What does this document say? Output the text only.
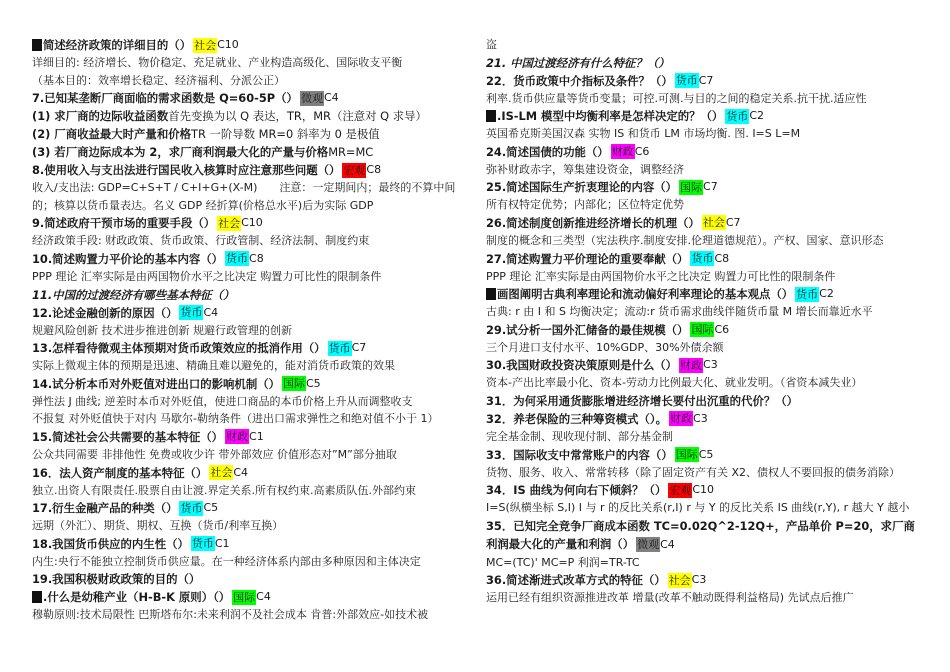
简述经济政策的详细目的（） 社会 C10
详细目的: 经济增长、物价稳定、充足就业、产业构造高级化、国际收支平衡
（基本目的：效率增长稳定、经济福利、分派公正）
7.已知某垄断厂商面临的需求函数是 Q=60-5P（） 微观 C4
(1) 求厂商的边际收益函数 首先变换为以 Q 表达，TR，MR（注意对 Q 求导）
(2) 厂商收益最大时产量和价格 TR 一阶导数 MR=0 斜率为 0 是极值
(3) 若厂商边际成本为 2，求厂商利润最大化的产量与价格 MR=MC
8.使用收入与支出法进行国民收入核算时应注意那些问题（） 宏观 C8
收入/支出法: GDP=C+S+T / C+I+G+(X-M)　　注意：一定期间内；最终的不算中间的；核算以货币量表达。名义 GDP 经折算(价格总水平)后为实际 GDP
9.简述政府干预市场的重要手段（） 社会 C10
经济政策手段: 财政政策、货币政策、行政管制、经济法制、制度约束
10.简述购置力平价论的基本内容（） 货币 C8
PPP 理论 汇率实际是由两国物价水平之比决定 购置力可比性的限制条件
11.中国的过渡经济有哪些基本特征（）
12.论述金融创新的原因（） 货币 C4
规避风险创新 技术进步推进创新 规避行政管理的创新
13.怎样看待微观主体预期对货币政策效应的抵消作用（） 货币 C7
实际上微观主体的预期是迅速、精确且难以避免的，能对消货币政策的效果
14.试分析本币对外贬值对进出口的影响机制（） 国际 C5
弹性法 J 曲线; 逆差时本币对外贬值，使进口商品的本币价格上升从而调整收支
不报复 对外贬值快于对内 马歇尔-勒纳条件（进出口需求弹性之和绝对值不小于 1）
15.简述社会公共需要的基本特征（） 财政 C1
公众共同需要 非排他性 免费或收少许 带外部效应 价值形态对”M”部分抽取
16．法人资产制度的基本特征（） 社会 C4
独立.出资人有限责任.股票自由让渡.界定关系.所有权约束.高素质队伍.外部约束
17.衍生金融产品的种类（） 货币 C5
远期（外汇）、期货、期权、互换（货币/利率互换）
18.我国货币供应的内生性（） 货币 C1
内生:央行不能独立控制货币供应量。在一种经济体系内部由多种原因和主体决定
19.我国积极财政政策的目的（）
.什么是幼稚产业（H-B-K 原则）（） 国际 C4
穆勒原则:技术局限性 巴斯塔布尔:未来利润不及社会成本 肯普:外部效应-如技术被
盗
21. 中国过渡经济有什么特征？（）
22．货币政策中介指标及条件？（） 货币 C7
利率.货币供应量等货币变量；可控.可测.与目的之间的稳定关系.抗干扰.适应性
.IS-LM 模型中均衡利率是怎样决定的？（） 货币 C2
英国希克斯美国汉森 实物 IS 和货币 LM 市场均衡. 图. I=S L=M
24.简述国债的功能（） 财政 C6
弥补财政赤字，筹集建设资金，调整经济
25.简述国际生产折衷理论的内容（） 国际 C7
所有权特定优势；内部化；区位特定优势
26.简述制度创新推进经济增长的机理（） 社会 C7
制度的概念和三类型（宪法秩序.制度安排.伦理道德规范）。产权、国家、意识形态
27.简述购置力平价理论的重要奉献（） 货币 C8
PPP 理论 汇率实际是由两国物价水平之比决定 购置力可比性的限制条件
画图阐明古典利率理论和流动偏好利率理论的基本观点（） 货币 C2
古典: r 由 I 和 S 均衡决定；流动:r 货币需求曲线伴随货币量 M 增长而靠近水平
29.试分析一国外汇储备的最佳规模（） 国际 C6
三个月进口支付水平、10%GDP、30%外债余额
30.我国财政投资决策原则是什么（） 财政 C3
资本-产出比率最小化、资本-劳动力比例最大化、就业发明。（省资本减失业）
31．为何采用通货膨胀增进经济增长要付出沉重的代价？（）
32．养老保险的三种筹资模式（）。 财政 C3
完全基金制、现收现付制、部分基金制
33．国际收支中常常账户的内容（） 国际 C5
货物、服务、收入、常常转移（除了固定资产有关 X2、债权人不要回报的债务消除）
34．IS 曲线为何向右下倾斜？（） 宏观 C10
I=S(纵横坐标 S,I) I 与 r 的反比关系(r,I) r 与 Y 的反比关系 IS 曲线(r,Y), r 越大 Y 越小
35．已知完全竞争厂商成本函数 TC=0.02Q^2-12Q+，产品单价 P=20，求厂商利润最大化的产量和利润（） 微观C4
MC=(TC)' MC=P 利润=TR-TC
36.简述渐进式改革方式的特征（） 社会 C3
运用已经有组织资源推进改革 增量(改革不触动既得利益格局) 先试点后推广
